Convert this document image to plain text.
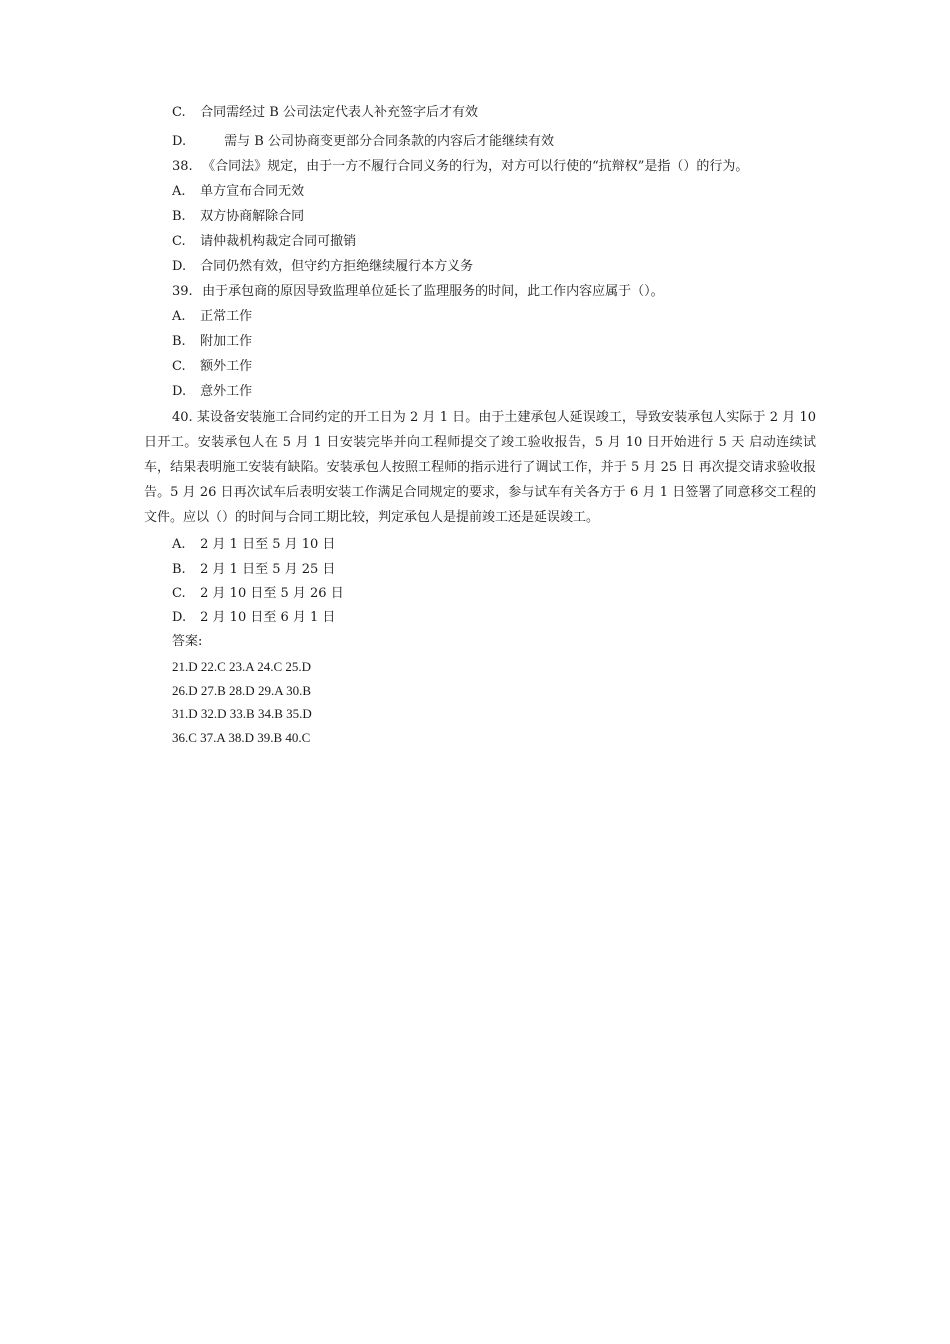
C. 合同需经过 B 公司法定代表人补充签字后才有效
D.	需与 B 公司协商变更部分合同条款的内容后才能继续有效
38. 《合同法》规定，由于一方不履行合同义务的行为，对方可以行使的“抗辩权”是指（）的行为。
A. 单方宣布合同无效
B. 双方协商解除合同
C. 请仲裁机构裁定合同可撤销
D. 合同仍然有效，但守约方拒绝继续履行本方义务
39. 由于承包商的原因导致监理单位延长了监理服务的时间，此工作内容应属于（）。
A. 正常工作
B. 附加工作
C. 额外工作
D. 意外工作
40. 某设备安装施工合同约定的开工日为 2 月 1 日。由于土建承包人延误竣工，导致安装承包人实际于 2 月 10 日开工。安装承包人在 5 月 1 日安装完毕并向工程师提交了竣工验收报告，5 月 10 日开始进行 5 天 启动连续试车，结果表明施工安装有缺陷。安装承包人按照工程师的指示进行了调试工作，并于 5 月 25 日 再次提交请求验收报告。5 月 26 日再次试车后表明安装工作满足合同规定的要求，参与试车有关各方于 6 月 1 日签署了同意移交工程的文件。应以（）的时间与合同工期比较，判定承包人是提前竣工还是延误竣工。
A. 2 月 1 日至 5 月 10 日
B. 2 月 1 日至 5 月 25 日
C. 2 月 10 日至 5 月 26 日
D. 2 月 10 日至 6 月 1 日
答案:
21.D 22.C 23.A 24.C 25.D
26.D 27.B 28.D 29.A 30.B
31.D 32.D 33.B 34.B 35.D
36.C 37.A 38.D 39.B 40.C
